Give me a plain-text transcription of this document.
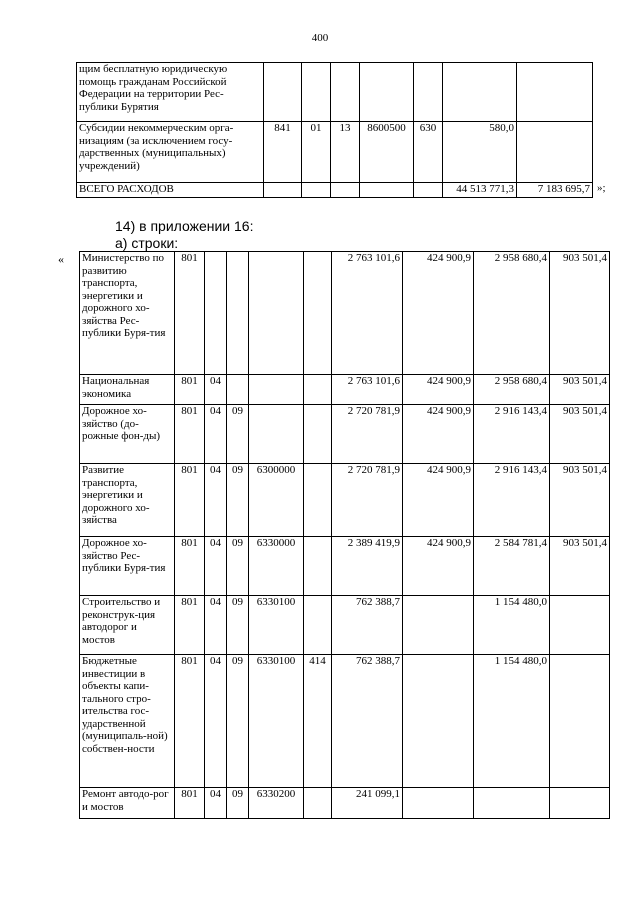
400
щим бесплатную юридическую помощь гражданам Российской Федерации на территории Рес-публики Бурятия							
Субсидии некоммерческим орга-низациям (за исключением госу-дарственных (муниципальных) учреждений)	841	01	13	8600500	630	580,0	
ВСЕГО РАСХОДОВ						44 513 771,3	7 183 695,7 »;
14) в приложении 16:
а) строки:
« Министерство по развитию транспорта, энергетики и дорожного хо-зяйства Рес-публики Буря-тия	801					2 763 101,6	424 900,9	2 958 680,4	903 501,4
Национальная экономика	801	04				2 763 101,6	424 900,9	2 958 680,4	903 501,4
Дорожное хо-зяйство (до-рожные фон-ды)	801	04	09			2 720 781,9	424 900,9	2 916 143,4	903 501,4
Развитие транспорта, энергетики и дорожного хо-зяйства	801	04	09	6300000		2 720 781,9	424 900,9	2 916 143,4	903 501,4
Дорожное хо-зяйство Рес-публики Буря-тия	801	04	09	6330000		2 389 419,9	424 900,9	2 584 781,4	903 501,4
Строительство и реконструк-ция автодорог и мостов	801	04	09	6330100		762 388,7		1 154 480,0	
Бюджетные инвестиции в объекты капи-тального стро-ительства гос-ударственной (муниципаль-ной) собствен-ности	801	04	09	6330100	414	762 388,7		1 154 480,0	
Ремонт автодо-рог и мостов	801	04	09	6330200		241 099,1			
